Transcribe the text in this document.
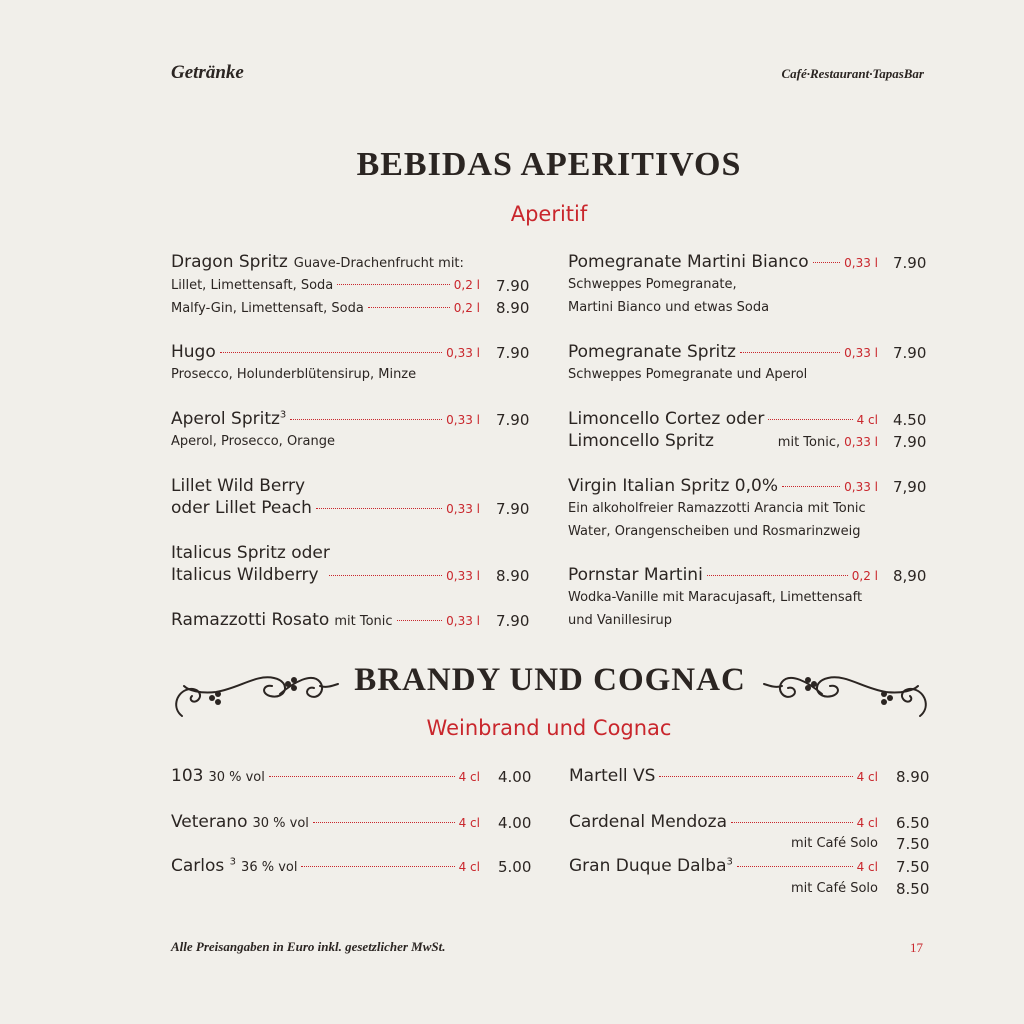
Getränke	Café·Restaurant·TapasBar
BEBIDAS APERITIVOS
Aperitif
Dragon Spritz Guave-Drachenfrucht mit:
Lillet, Limettensaft, Soda	0,2 l 7.90
Malfy-Gin, Limettensaft, Soda	0,2 l 8.90
Hugo	0,33 l 7.90
Prosecco, Holunderblütensirup, Minze
Aperol Spritz$^3$	0,33 l 7.90
Aperol, Prosecco, Orange
Lillet Wild Berry
oder Lillet Peach	0,33 l 7.90
Italicus Spritz oder
Italicus Wildberry	0,33 l 8.90
Ramazzotti Rosato mit Tonic	0,33 l 7.90
Pomegranate Martini Bianco	0,33 l 7.90
Schweppes Pomegranate,
Martini Bianco und etwas Soda
Pomegranate Spritz	0,33 l 7.90
Schweppes Pomegranate und Aperol
Limoncello Cortez oder	4 cl 4.50
Limoncello Spritz	mit Tonic, 0,33 l 7.90
Virgin Italian Spritz 0,0%	0,33 l 7,90
Ein alkoholfreier Ramazzotti Arancia mit Tonic
Water, Orangenscheiben und Rosmarinzweig
Pornstar Martini	0,2 l 8,90
Wodka-Vanille mit Maracujasaft, Limettensaft
und Vanillesirup
BRANDY UND COGNAC
Weinbrand und Cognac
103 30 % vol	4 cl 4.00
Veterano 30 % vol	4 cl 4.00
Carlos $^3$ 36 % vol	4 cl 5.00
Martell VS	4 cl 8.90
Cardenal Mendoza	4 cl 6.50
mit Café Solo 7.50
Gran Duque Dalba$^3$	4 cl 7.50
mit Café Solo 8.50
Alle Preisangaben in Euro inkl. gesetzlicher MwSt.	17
